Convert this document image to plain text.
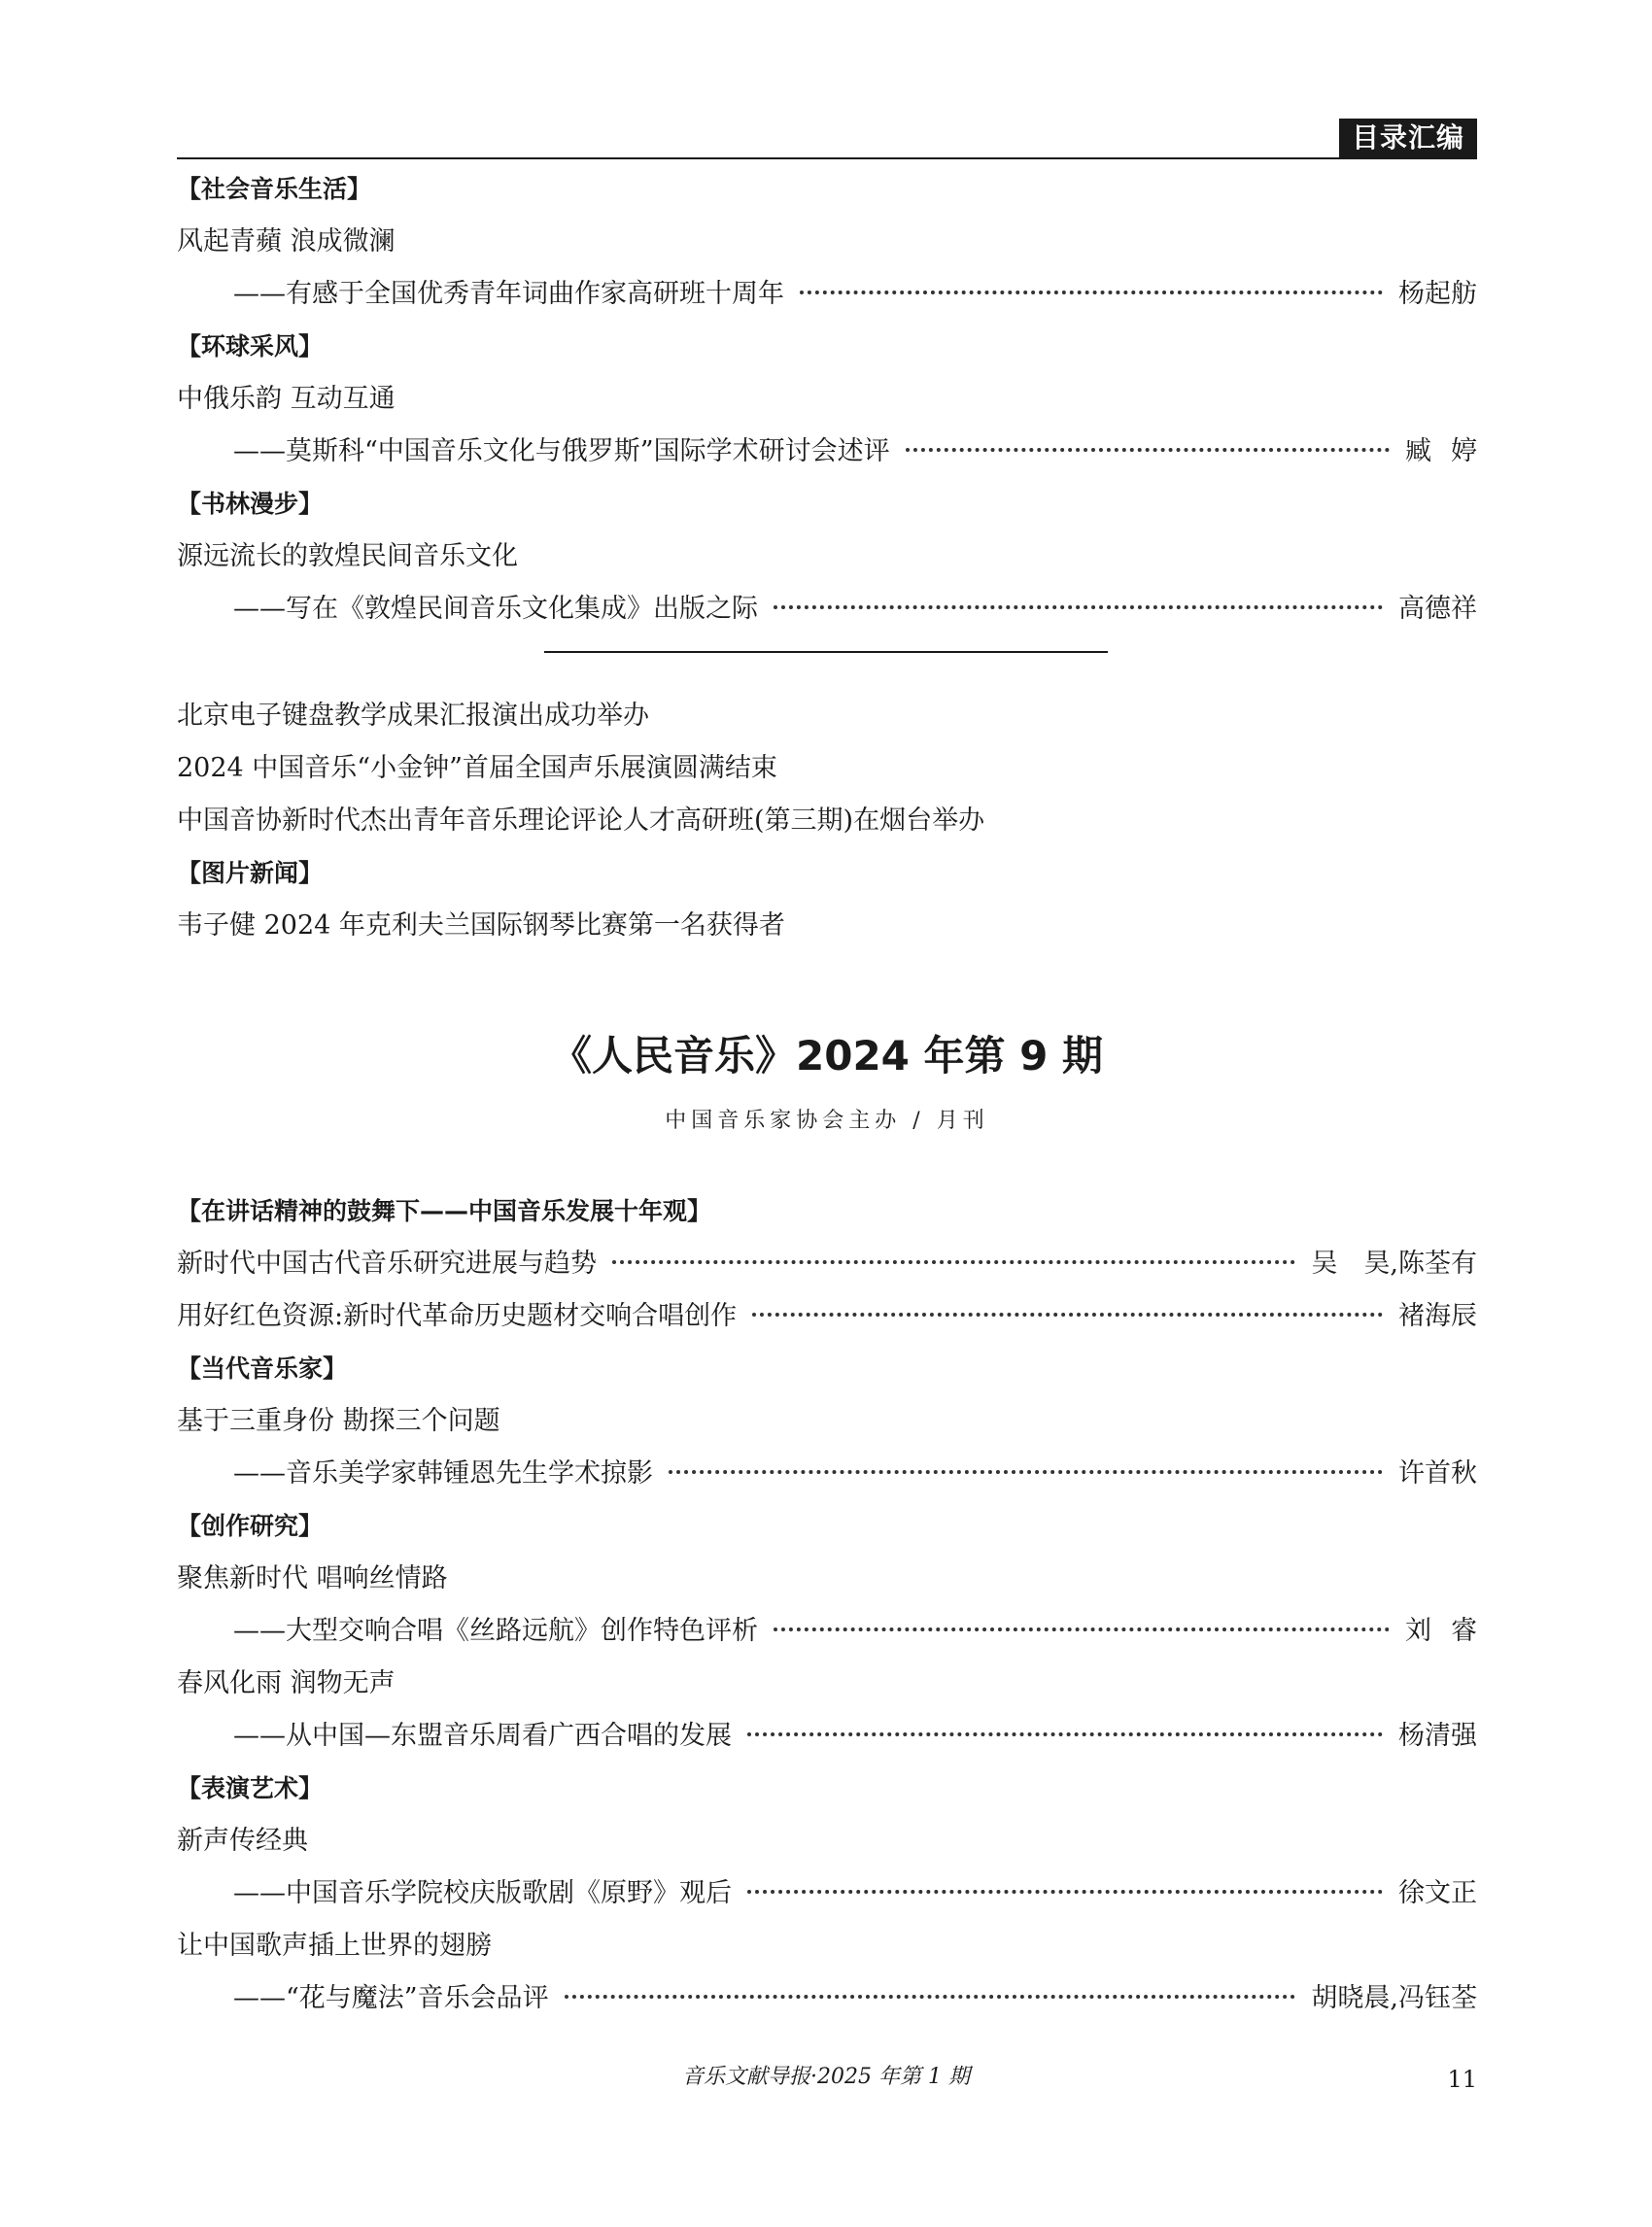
目录汇编
【社会音乐生活】
风起青蘋 浪成微澜
——有感于全国优秀青年词曲作家高研班十周年	杨起舫
【环球采风】
中俄乐韵 互动互通
——莫斯科“中国音乐文化与俄罗斯”国际学术研讨会述评	臧婷
【书林漫步】
源远流长的敦煌民间音乐文化
——写在《敦煌民间音乐文化集成》出版之际	高德祥
北京电子键盘教学成果汇报演出成功举办
2024 中国音乐“小金钟”首届全国声乐展演圆满结束
中国音协新时代杰出青年音乐理论评论人才高研班(第三期)在烟台举办
【图片新闻】
韦子健 2024 年克利夫兰国际钢琴比赛第一名获得者
《人民音乐》2024 年第 9 期
中国音乐家协会主办 / 月刊
【在讲话精神的鼓舞下——中国音乐发展十年观】
新时代中国古代音乐研究进展与趋势	吴　昊,陈荃有
用好红色资源:新时代革命历史题材交响合唱创作	褚海辰
【当代音乐家】
基于三重身份 勘探三个问题
——音乐美学家韩锺恩先生学术掠影	许首秋
【创作研究】
聚焦新时代 唱响丝情路
——大型交响合唱《丝路远航》创作特色评析	刘睿
春风化雨 润物无声
——从中国—东盟音乐周看广西合唱的发展	杨清强
【表演艺术】
新声传经典
——中国音乐学院校庆版歌剧《原野》观后	徐文正
让中国歌声插上世界的翅膀
——“花与魔法”音乐会品评	胡晓晨,冯钰荃
音乐文献导报·2025 年第 1 期	11
